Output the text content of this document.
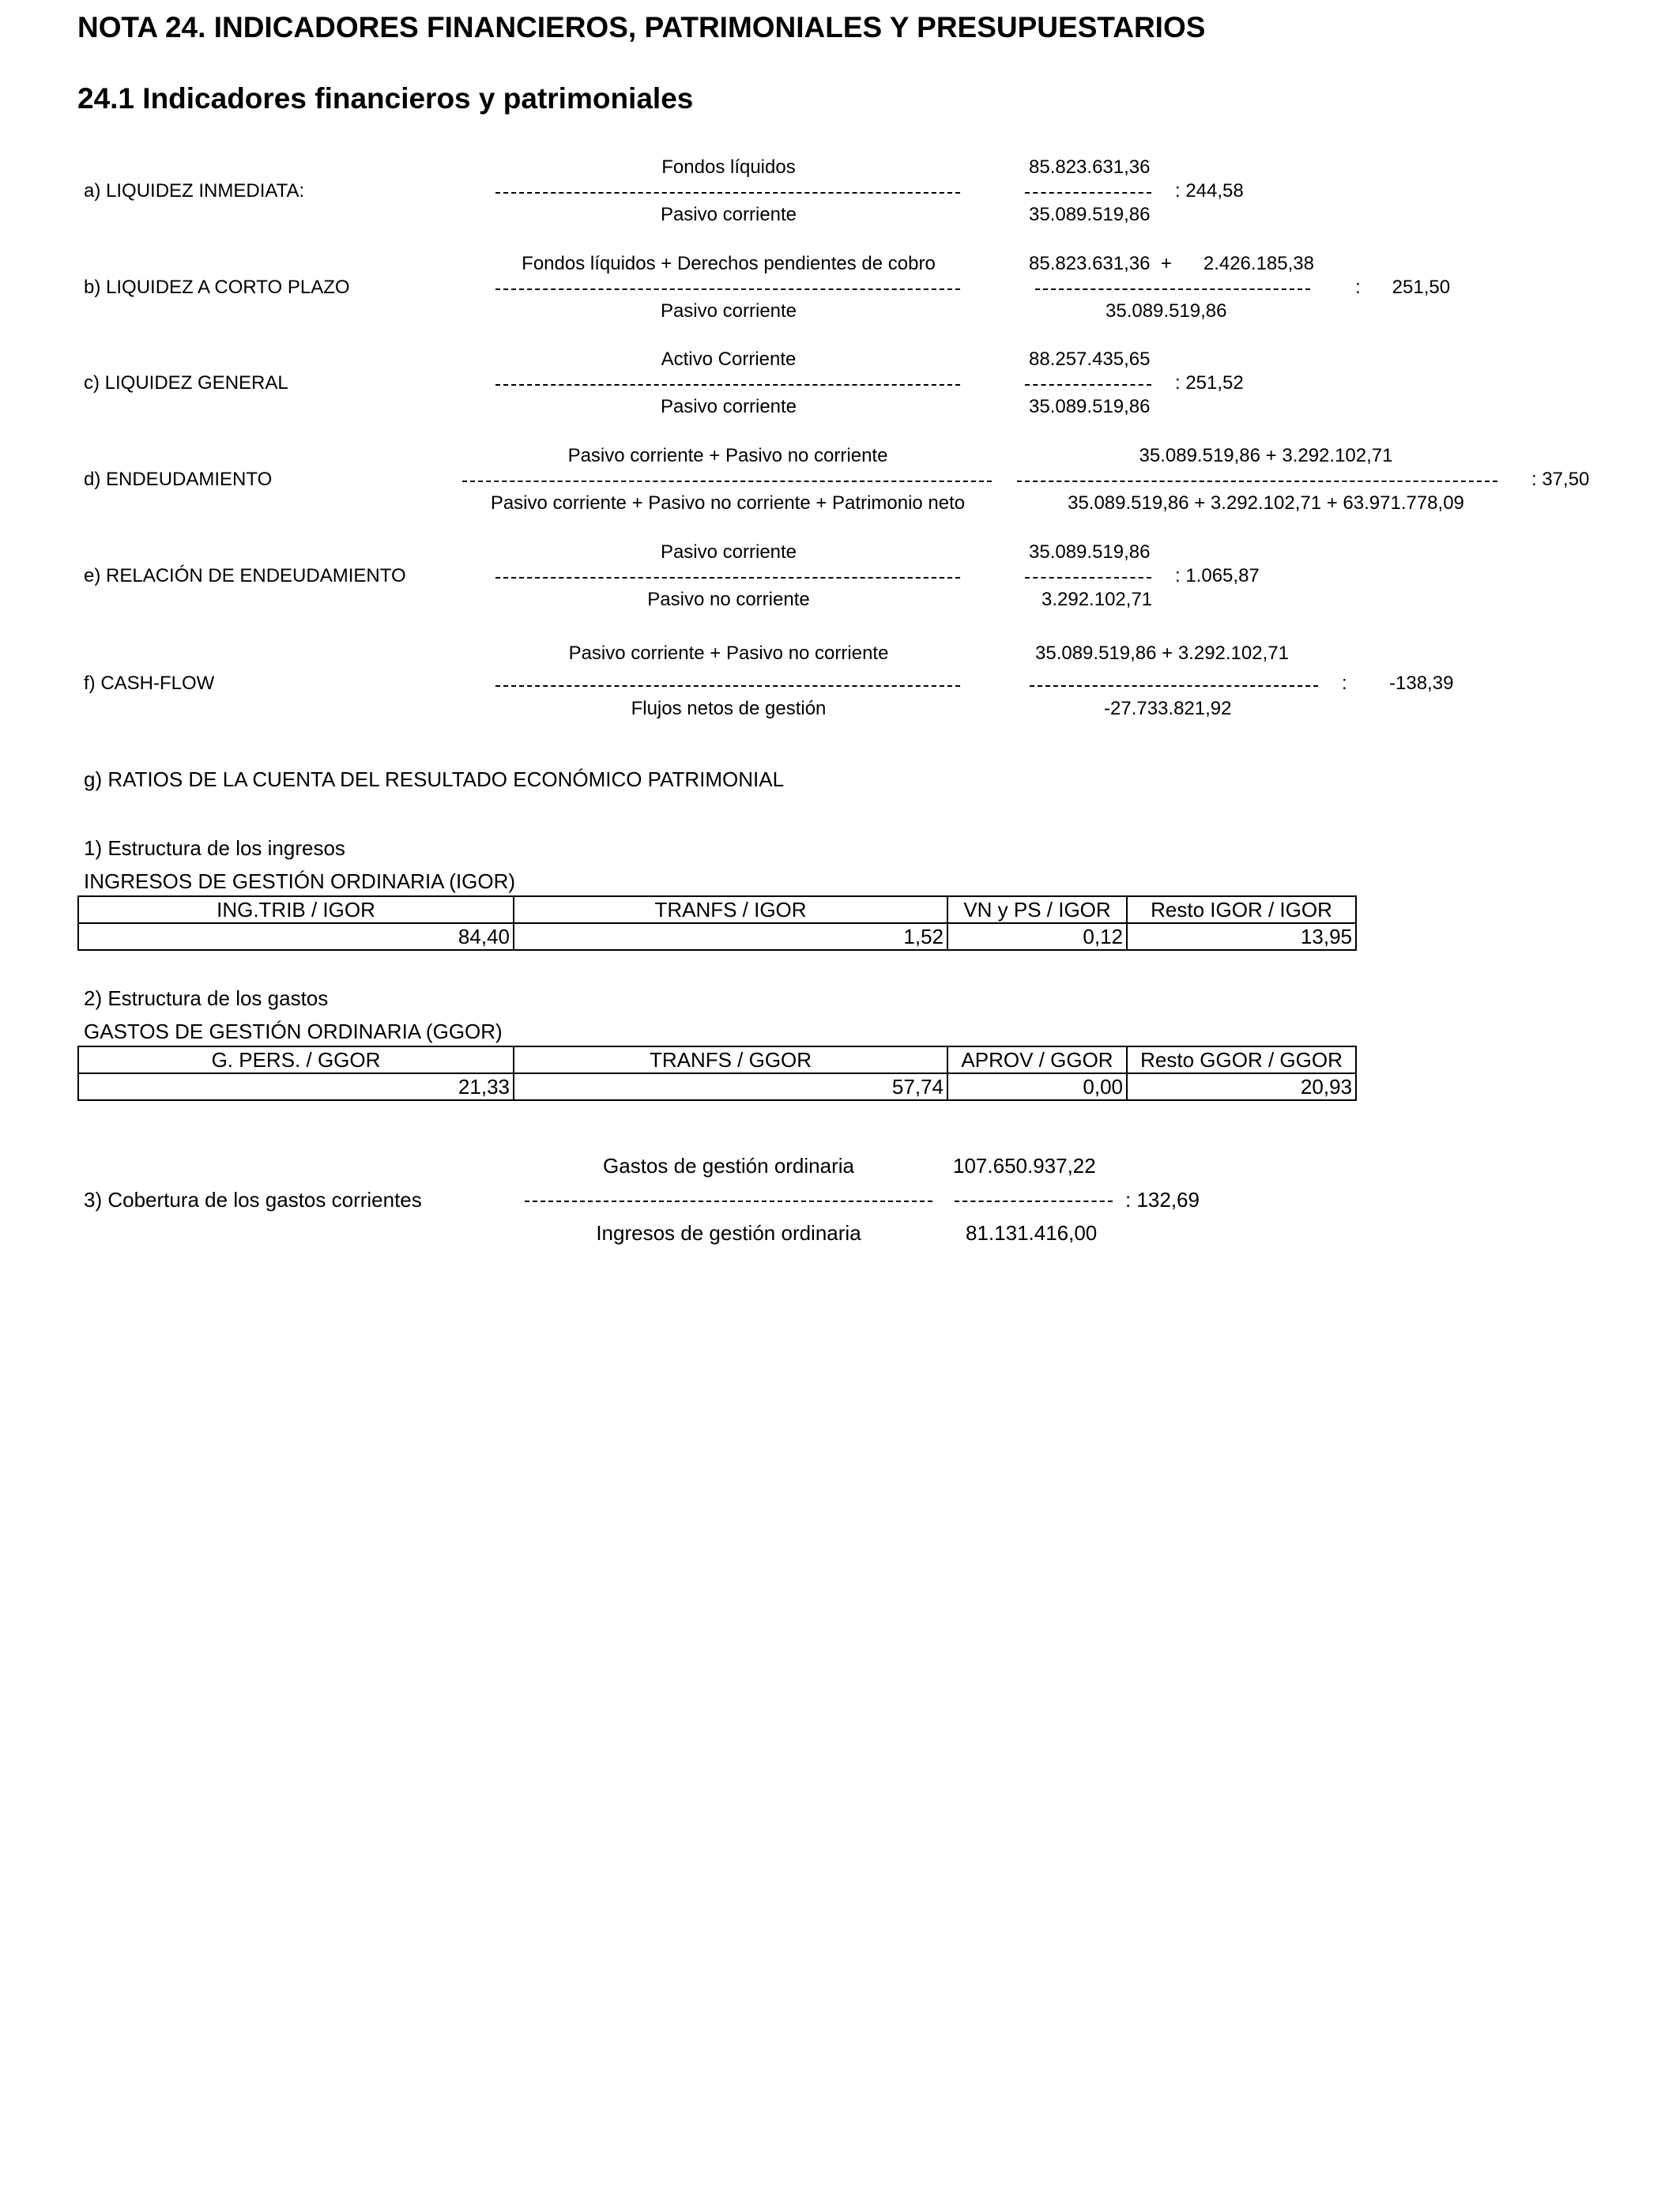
NOTA 24. INDICADORES FINANCIEROS, PATRIMONIALES Y PRESUPUESTARIOS
24.1 Indicadores financieros y patrimoniales
Fondos líquidos	85.823.631,36
a) LIQUIDEZ INMEDIATA:	: 244,58
Pasivo corriente	35.089.519,86
Fondos líquidos + Derechos pendientes de cobro	85.823.631,36  +      2.426.185,38
b) LIQUIDEZ A CORTO PLAZO	:      251,50
Pasivo corriente	35.089.519,86
Activo Corriente	88.257.435,65
c) LIQUIDEZ GENERAL	: 251,52
Pasivo corriente	35.089.519,86
Pasivo corriente + Pasivo no corriente	35.089.519,86 + 3.292.102,71
d) ENDEUDAMIENTO	: 37,50
Pasivo corriente + Pasivo no corriente + Patrimonio neto	35.089.519,86 + 3.292.102,71 + 63.971.778,09
Pasivo corriente	35.089.519,86
e) RELACIÓN DE ENDEUDAMIENTO	: 1.065,87
Pasivo no corriente	3.292.102,71
Pasivo corriente + Pasivo no corriente	35.089.519,86 + 3.292.102,71
f) CASH-FLOW	:        -138,39
Flujos netos de gestión	-27.733.821,92
g) RATIOS DE LA CUENTA DEL RESULTADO ECONÓMICO PATRIMONIAL
1) Estructura de los ingresos
INGRESOS DE GESTIÓN ORDINARIA (IGOR)
ING.TRIB / IGOR	TRANFS / IGOR	VN y PS / IGOR	Resto IGOR / IGOR
84,40	1,52	0,12	13,95
2) Estructura de los gastos
GASTOS DE GESTIÓN ORDINARIA (GGOR)
G. PERS. / GGOR	TRANFS / GGOR	APROV / GGOR	Resto GGOR / GGOR
21,33	57,74	0,00	20,93
Gastos de gestión ordinaria	107.650.937,22
3) Cobertura de los gastos corrientes	: 132,69
Ingresos de gestión ordinaria	81.131.416,00
